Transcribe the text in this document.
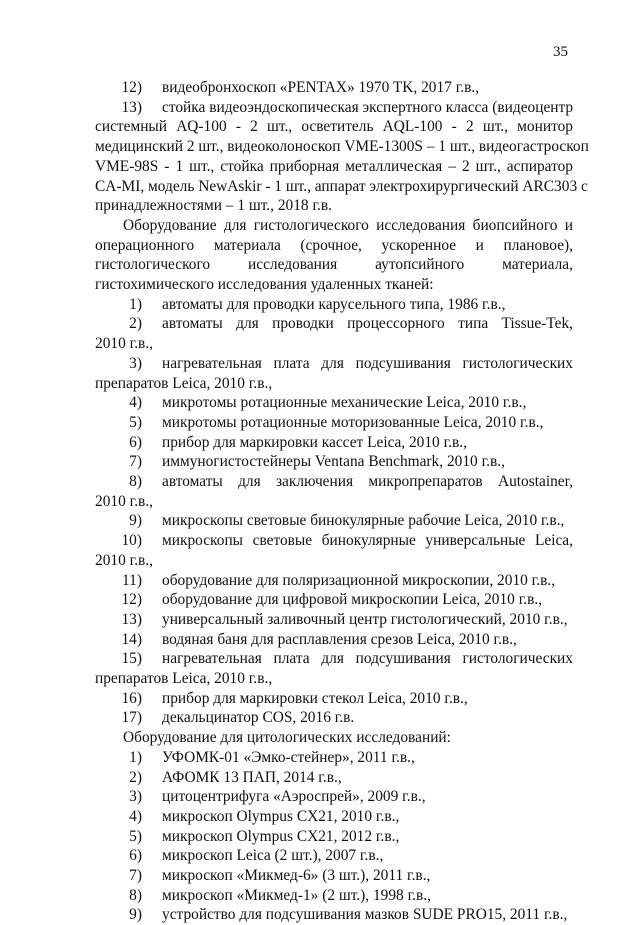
35
12) видеобронхоскоп «PENTAX» 1970 TK, 2017 г.в.,
13) стойка видеоэндоскопическая экспертного класса (видеоцентр
системный AQ-100 - 2 шт., осветитель AQL-100 - 2 шт., монитор
медицинский 2 шт., видеоколоноскоп VME-1300S – 1 шт., видеогастроскоп
VME-98S - 1 шт., стойка приборная металлическая – 2 шт., аспиратор
CA-MI, модель NewAskir - 1 шт., аппарат электрохирургический ARC303 с
принадлежностями – 1 шт., 2018 г.в.
Оборудование для гистологического исследования биопсийного и
операционного материала (срочное, ускоренное и плановое),
гистологического исследования аутопсийного материала,
гистохимического исследования удаленных тканей:
1) автоматы для проводки карусельного типа, 1986 г.в.,
2) автоматы для проводки процессорного типа Tissue-Tek,
2010 г.в.,
3) нагревательная плата для подсушивания гистологических
препаратов Leica, 2010 г.в.,
4) микротомы ротационные механические Leica, 2010 г.в.,
5) микротомы ротационные моторизованные Leica, 2010 г.в.,
6) прибор для маркировки кассет Leica, 2010 г.в.,
7) иммуногистостейнеры Ventana Benchmark, 2010 г.в.,
8) автоматы для заключения микропрепаратов Autostainer,
2010 г.в.,
9) микроскопы световые бинокулярные рабочие Leica, 2010 г.в.,
10) микроскопы световые бинокулярные универсальные Leica,
2010 г.в.,
11) оборудование для поляризационной микроскопии, 2010 г.в.,
12) оборудование для цифровой микроскопии Leica, 2010 г.в.,
13) универсальный заливочный центр гистологический, 2010 г.в.,
14) водяная баня для расплавления срезов Leica, 2010 г.в.,
15) нагревательная плата для подсушивания гистологических
препаратов Leica, 2010 г.в.,
16) прибор для маркировки стекол Leica, 2010 г.в.,
17) декальцинатор COS, 2016 г.в.
Оборудование для цитологических исследований:
1) УФОМК-01 «Эмко-стейнер», 2011 г.в.,
2) АФОМК 13 ПАП, 2014 г.в.,
3) цитоцентрифуга «Аэроспрей», 2009 г.в.,
4) микроскоп Olympus CX21, 2010 г.в.,
5) микроскоп Olympus CX21, 2012 г.в.,
6) микроскоп Leica (2 шт.), 2007 г.в.,
7) микроскоп «Микмед-6» (3 шт.), 2011 г.в.,
8) микроскоп «Микмед-1» (2 шт.), 1998 г.в.,
9) устройство для подсушивания мазков SUDE PRO15, 2011 г.в.,
